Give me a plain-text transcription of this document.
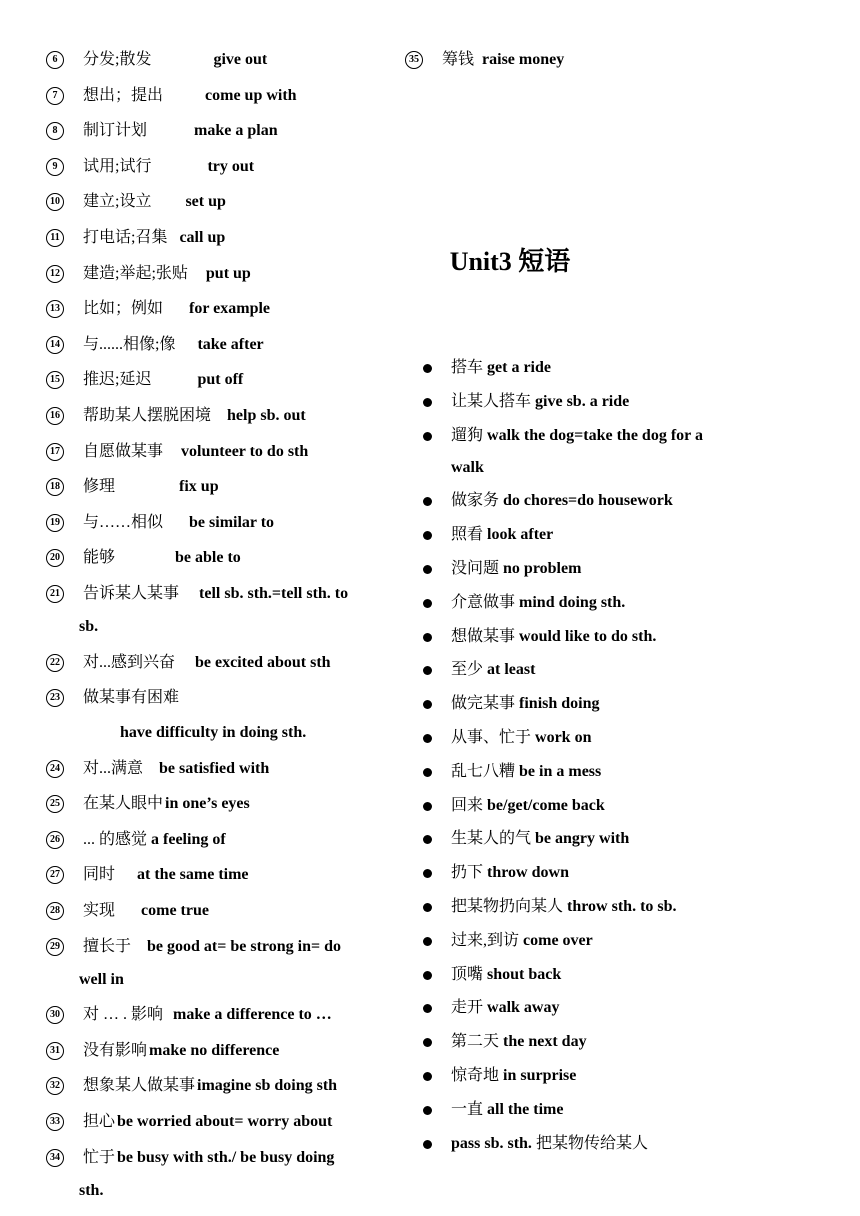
6	分发;散发	give out
7	想出；提出	come up with
8	制订计划	make a plan
9	试用;试行	try out
10	建立;设立 set up
11	打电话;召集 call up
12	建造;举起;张贴 put up
13	比如；例如 for example
14	与......相像;像 take after
15	推迟;延迟	put off
16	帮助某人摆脱困境 help sb. out
17	自愿做某事 volunteer to do sth
18	修理	fix up
19	与……相似 be similar to
20	能够	be able to
21	告诉某人某事 tell sb. sth.=tell sth. to
sb.
22	对...感到兴奋 be excited about sth
23	做某事有困难
have difficulty in doing sth.
24	对...满意 be satisfied with
25	在某人眼中 in one’s eyes
26	... 的感觉 a feeling of
27	同时 at the same time
28	实现 come true
29	擅长于 be good at= be strong in= do
well in
30	对 … . 影响 make a difference to …
31	没有影响 make no difference
32	想象某人做某事 imagine sb doing sth
33	担心 be worried about= worry about
34	忙于 be busy with sth./ be busy doing
sth.
35	筹钱 raise money
Unit3 短语
搭车 get a ride
让某人搭车 give sb. a ride
遛狗 walk the dog=take the dog for a
walk
做家务 do chores=do housework
照看 look after
没问题 no problem
介意做事 mind doing sth.
想做某事 would like to do sth.
至少 at least
做完某事 finish doing
从事、忙于 work on
乱七八糟 be in a mess
回来 be/get/come back
生某人的气 be angry with
扔下 throw down
把某物扔向某人 throw sth. to sb.
过来,到访 come over
顶嘴 shout back
走开 walk away
第二天 the next day
惊奇地 in surprise
一直 all the time
pass sb. sth. 把某物传给某人
